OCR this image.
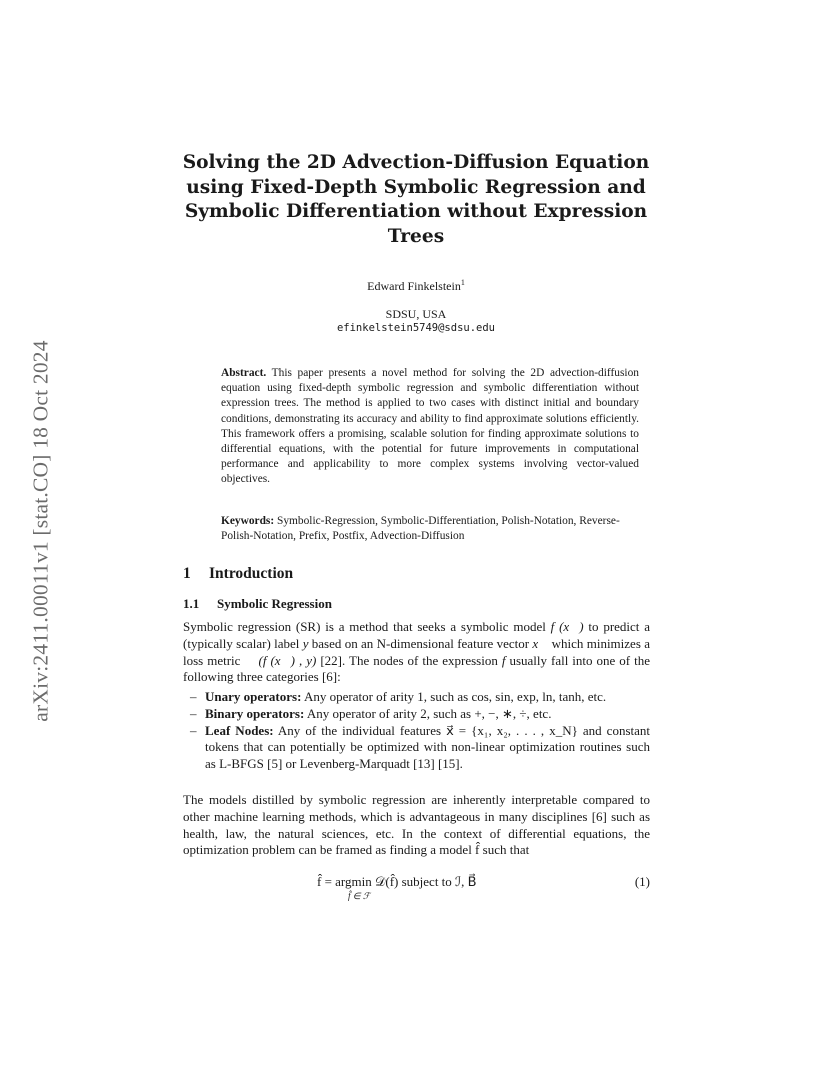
arXiv:2411.00011v1 [stat.CO] 18 Oct 2024
Solving the 2D Advection-Diffusion Equation using Fixed-Depth Symbolic Regression and Symbolic Differentiation without Expression Trees
Edward Finkelstein$^1$
SDSU, USA
efinkelstein5749@sdsu.edu
Abstract. This paper presents a novel method for solving the 2D advection-diffusion equation using fixed-depth symbolic regression and symbolic differentiation without expression trees. The method is applied to two cases with distinct initial and boundary conditions, demonstrating its accuracy and ability to find approximate solutions efficiently. This framework offers a promising, scalable solution for finding approximate solutions to differential equations, with the potential for future improvements in computational performance and applicability to more complex systems involving vector-valued objectives.
Keywords: Symbolic-Regression, Symbolic-Differentiation, Polish-Notation, Reverse-Polish-Notation, Prefix, Postfix, Advection-Diffusion
1 Introduction
1.1 Symbolic Regression
Symbolic regression (SR) is a method that seeks a symbolic model f (x⃗) to predict a (typically scalar) label y based on an N-dimensional feature vector x⃗ which minimizes a loss metric ℒ (f (x⃗) , y) [22]. The nodes of the expression f usually fall into one of the following three categories [6]:
– Unary operators: Any operator of arity 1, such as cos, sin, exp, ln, tanh, etc.
– Binary operators: Any operator of arity 2, such as +, −, ∗, ÷, etc.
– Leaf Nodes: Any of the individual features x⃗ = {x₁, x₂, . . . , x_N} and constant tokens that can potentially be optimized with non-linear optimization routines such as L-BFGS [5] or Levenberg-Marquadt [13] [15].
The models distilled by symbolic regression are inherently interpretable compared to other machine learning methods, which is advantageous in many disciplines [6] such as health, law, the natural sciences, etc. In the context of differential equations, the optimization problem can be framed as finding a model f̂ such that
f̂ = argmin 𝒟(f̂) subject to ℐ, B⃗
f̂ ∈ ℱ
(1)
